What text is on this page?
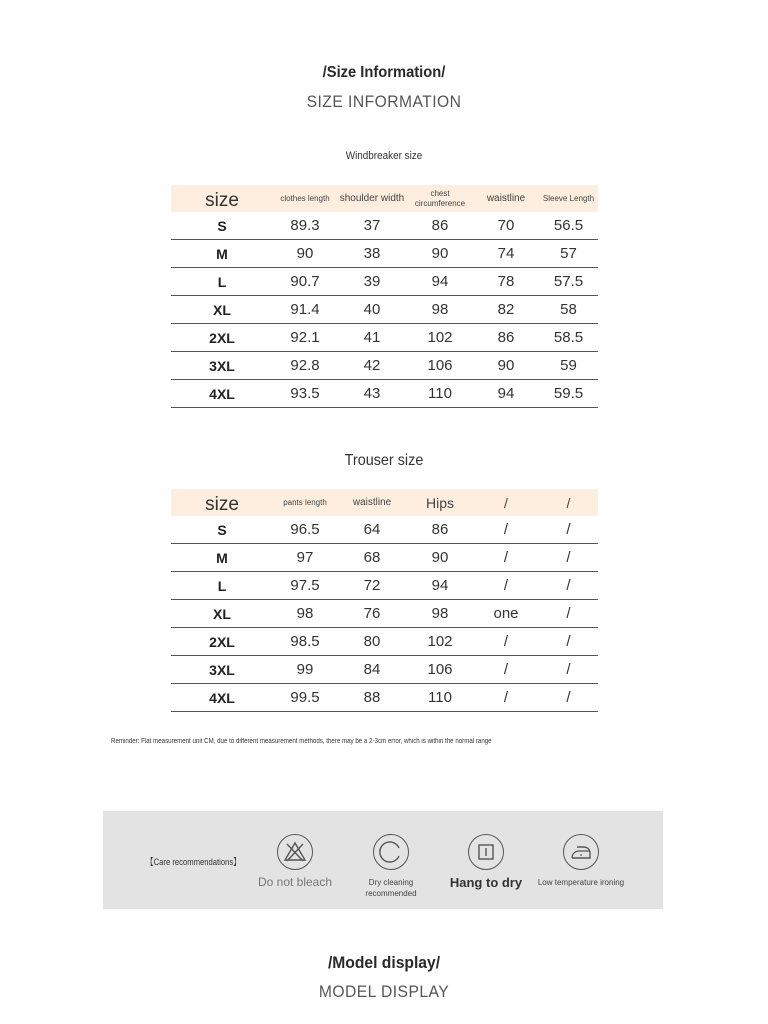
/Size Information/
SIZE INFORMATION
Windbreaker size
size	clothes length	shoulder width	chest circumference	waistline	Sleeve Length
S	89.3	37	86	70	56.5
M	90	38	90	74	57
L	90.7	39	94	78	57.5
XL	91.4	40	98	82	58
2XL	92.1	41	102	86	58.5
3XL	92.8	42	106	90	59
4XL	93.5	43	110	94	59.5
Trouser size
size	pants length	waistline	Hips	/	/
S	96.5	64	86	/	/
M	97	68	90	/	/
L	97.5	72	94	/	/
XL	98	76	98	one	/
2XL	98.5	80	102	/	/
3XL	99	84	106	/	/
4XL	99.5	88	110	/	/
Reminder: Flat measurement unit CM, due to different measurement methods, there may be a 2-3cm error, which is within the normal range
【Care recommendations】
Do not bleach	Dry cleaning recommended
Hang to dry	Low temperature ironing
/Model display/
MODEL DISPLAY
